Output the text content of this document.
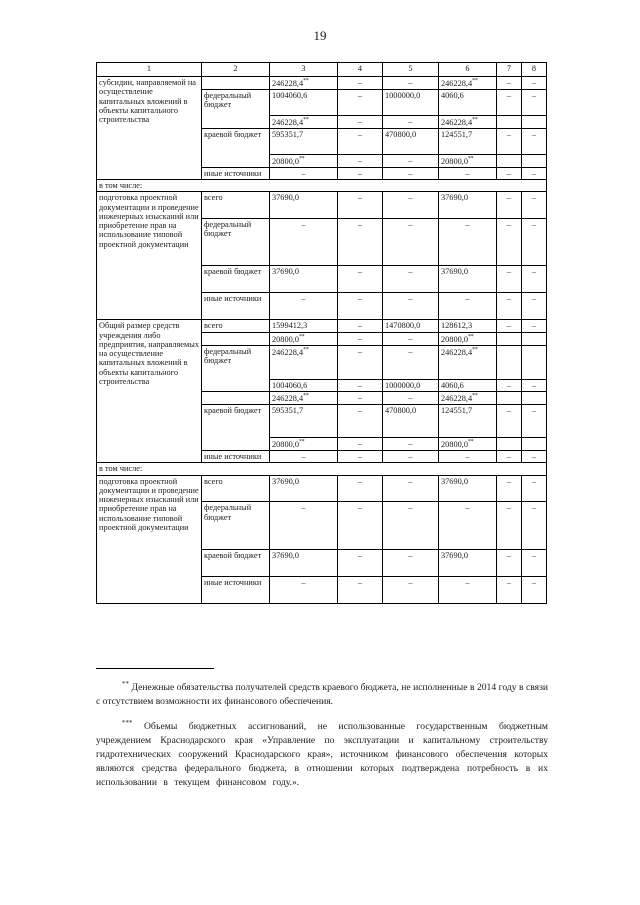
19
1	2	3	4	5	6	7	8
субсидии, направляемой на осуществление капитальных вложений в объекты капитального строительства		246228,4**	–	–	246228,4**	–	–
	федеральный бюджет	1004060,6	–	1000000,0	4060,6	–	–
		246228,4**	–	–	246228,4**		
	краевой бюджет	595351,7	–	470800,0	124551,7	–	–
		20800,0**	–	–	20800,0**		
	иные источники	–	–	–	–	–	–
в том числе:							
подготовка проектной документации и проведение инженерных изысканий или приобретение прав на использование типовой проектной документации	всего	37690,0	–	–	37690,0	–	–
	федеральный бюджет	–	–	–	–	–	–
	краевой бюджет	37690,0	–	–	37690,0	–	–
	иные источники	–	–	–	–	–	–
Общий размер средств учреждения либо предприятия, направляемых на осуществление капитальных вложений в объекты капитального строительства	всего	1599412,3	–	1470800,0	128612,3	–	–
		20800,0**	–	–	20800,0**		
	федеральный бюджет	246228,4**	–	–	246228,4**		
		1004060,6	–	1000000,0	4060,6	–	–
		246228,4**	–	–	246228,4**		
	краевой бюджет	595351,7	–	470800,0	124551,7	–	–
		20800,0**	–	–	20800,0**		
	иные источники	–	–	–	–	–	–
в том числе:							
подготовка проектной документации и проведение инженерных изысканий или приобретение прав на использование типовой проектной документации	всего	37690,0	–	–	37690,0	–	–
	федеральный бюджет	–	–	–	–	–	–
	краевой бюджет	37690,0	–	–	37690,0	–	–
	иные источники	–	–	–	–	–	–

** Денежные обязательства получателей средств краевого бюджета, не исполненные в 2014 году в связи с отсутствием возможности их финансового обеспечения.

*** Объемы бюджетных ассигнований, не использованные государственным бюджетным учреждением Краснодарского края «Управление по эксплуатации и капитальному строительству гидротехнических сооружений Краснодарского края», источником финансового обеспечения которых являются средства федерального бюджета, в отношении которых подтверждена потребность в их использовании в текущем финансовом году.».
